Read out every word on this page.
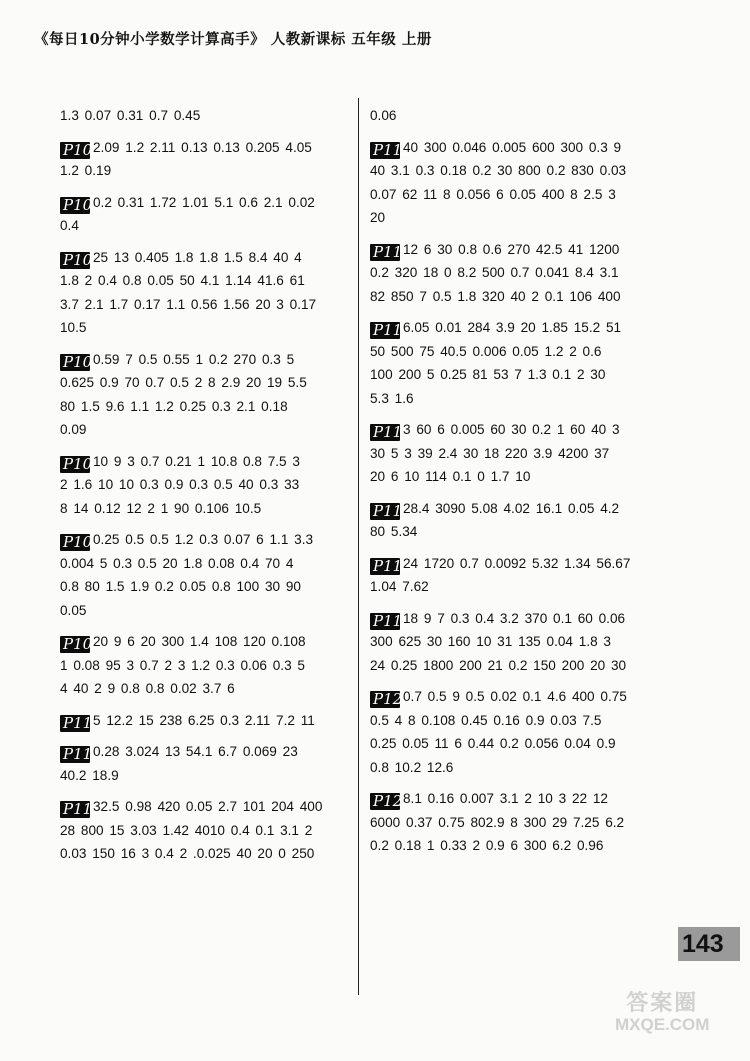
《每日10分钟小学数学计算高手》 人教新课标 五年级 上册
1.3 0.07 0.31 0.7 0.45
P1032.09 1.2 2.11 0.13 0.13 0.205 4.05
1.2 0.19
P1040.2 0.31 1.72 1.01 5.1 0.6 2.1 0.02
0.4
P10525 13 0.405 1.8 1.8 1.5 8.4 40 4
1.8 2 0.4 0.8 0.05 50 4.1 1.14 41.6 61
3.7 2.1 1.7 0.17 1.1 0.56 1.56 20 3 0.17
10.5
P1060.59 7 0.5 0.55 1 0.2 270 0.3 5
0.625 0.9 70 0.7 0.5 2 8 2.9 20 19 5.5
80 1.5 9.6 1.1 1.2 0.25 0.3 2.1 0.18
0.09
P10710 9 3 0.7 0.21 1 10.8 0.8 7.5 3
2 1.6 10 10 0.3 0.9 0.3 0.5 40 0.3 33
8 14 0.12 12 2 1 90 0.106 10.5
P1080.25 0.5 0.5 1.2 0.3 0.07 6 1.1 3.3
0.004 5 0.3 0.5 20 1.8 0.08 0.4 70 4
0.8 80 1.5 1.9 0.2 0.05 0.8 100 30 90
0.05
P10920 9 6 20 300 1.4 108 120 0.108
1 0.08 95 3 0.7 2 3 1.2 0.3 0.06 0.3 5
4 40 2 9 0.8 0.8 0.02 3.7 6
P1105 12.2 15 238 6.25 0.3 2.11 7.2 11
P1110.28 3.024 13 54.1 6.7 0.069 23
40.2 18.9
P11232.5 0.98 420 0.05 2.7 101 204 400
28 800 15 3.03 1.42 4010 0.4 0.1 3.1 2
0.03 150 16 3 0.4 2 .0.025 40 20 0 250
0.06
P11340 300 0.046 0.005 600 300 0.3 9
40 3.1 0.3 0.18 0.2 30 800 0.2 830 0.03
0.07 62 11 8 0.056 6 0.05 400 8 2.5 3
20
P11412 6 30 0.8 0.6 270 42.5 41 1200
0.2 320 18 0 8.2 500 0.7 0.041 8.4 3.1
82 850 7 0.5 1.8 320 40 2 0.1 106 400
P1156.05 0.01 284 3.9 20 1.85 15.2 51
50 500 75 40.5 0.006 0.05 1.2 2 0.6
100 200 5 0.25 81 53 7 1.3 0.1 2 30
5.3 1.6
P1163 60 6 0.005 60 30 0.2 1 60 40 3
30 5 3 39 2.4 30 18 220 3.9 4200 37
20 6 10 114 0.1 0 1.7 10
P11728.4 3090 5.08 4.02 16.1 0.05 4.2
80 5.34
P11824 1720 0.7 0.0092 5.32 1.34 56.67
1.04 7.62
P11918 9 7 0.3 0.4 3.2 370 0.1 60 0.06
300 625 30 160 10 31 135 0.04 1.8 3
24 0.25 1800 200 21 0.2 150 200 20 30
P1200.7 0.5 9 0.5 0.02 0.1 4.6 400 0.75
0.5 4 8 0.108 0.45 0.16 0.9 0.03 7.5
0.25 0.05 11 6 0.44 0.2 0.056 0.04 0.9
0.8 10.2 12.6
P1218.1 0.16 0.007 3.1 2 10 3 22 12
6000 0.37 0.75 802.9 8 300 29 7.25 6.2
0.2 0.18 1 0.33 2 0.9 6 300 6.2 0.96
143
答案圈
MXQE.COM
